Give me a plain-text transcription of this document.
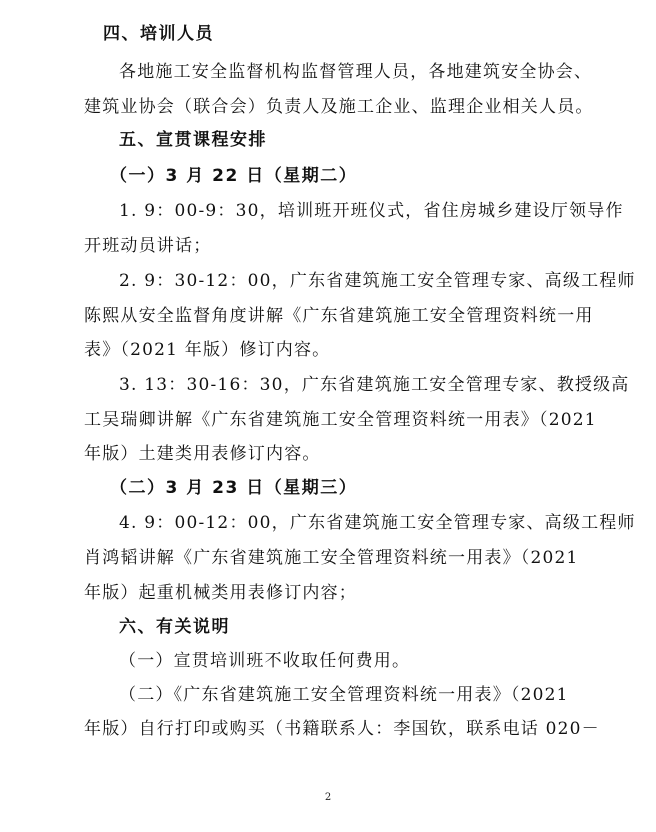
四、培训人员
各地施工安全监督机构监督管理人员，各地建筑安全协会、
建筑业协会（联合会）负责人及施工企业、监理企业相关人员。
五、宣贯课程安排
（一）3 月 22 日（星期二）
1. 9：00-9：30，培训班开班仪式，省住房城乡建设厅领导作
开班动员讲话；
2. 9：30-12：00，广东省建筑施工安全管理专家、高级工程师
陈熙从安全监督角度讲解《广东省建筑施工安全管理资料统一用
表》（2021 年版）修订内容。
3. 13：30-16：30，广东省建筑施工安全管理专家、教授级高
工吴瑞卿讲解《广东省建筑施工安全管理资料统一用表》（2021
年版）土建类用表修订内容。
（二）3 月 23 日（星期三）
4. 9：00-12：00，广东省建筑施工安全管理专家、高级工程师
肖鸿韬讲解《广东省建筑施工安全管理资料统一用表》（2021
年版）起重机械类用表修订内容；
六、有关说明
（一）宣贯培训班不收取任何费用。
（二）《广东省建筑施工安全管理资料统一用表》（2021
年版）自行打印或购买（书籍联系人：李国钦，联系电话 020－
2
